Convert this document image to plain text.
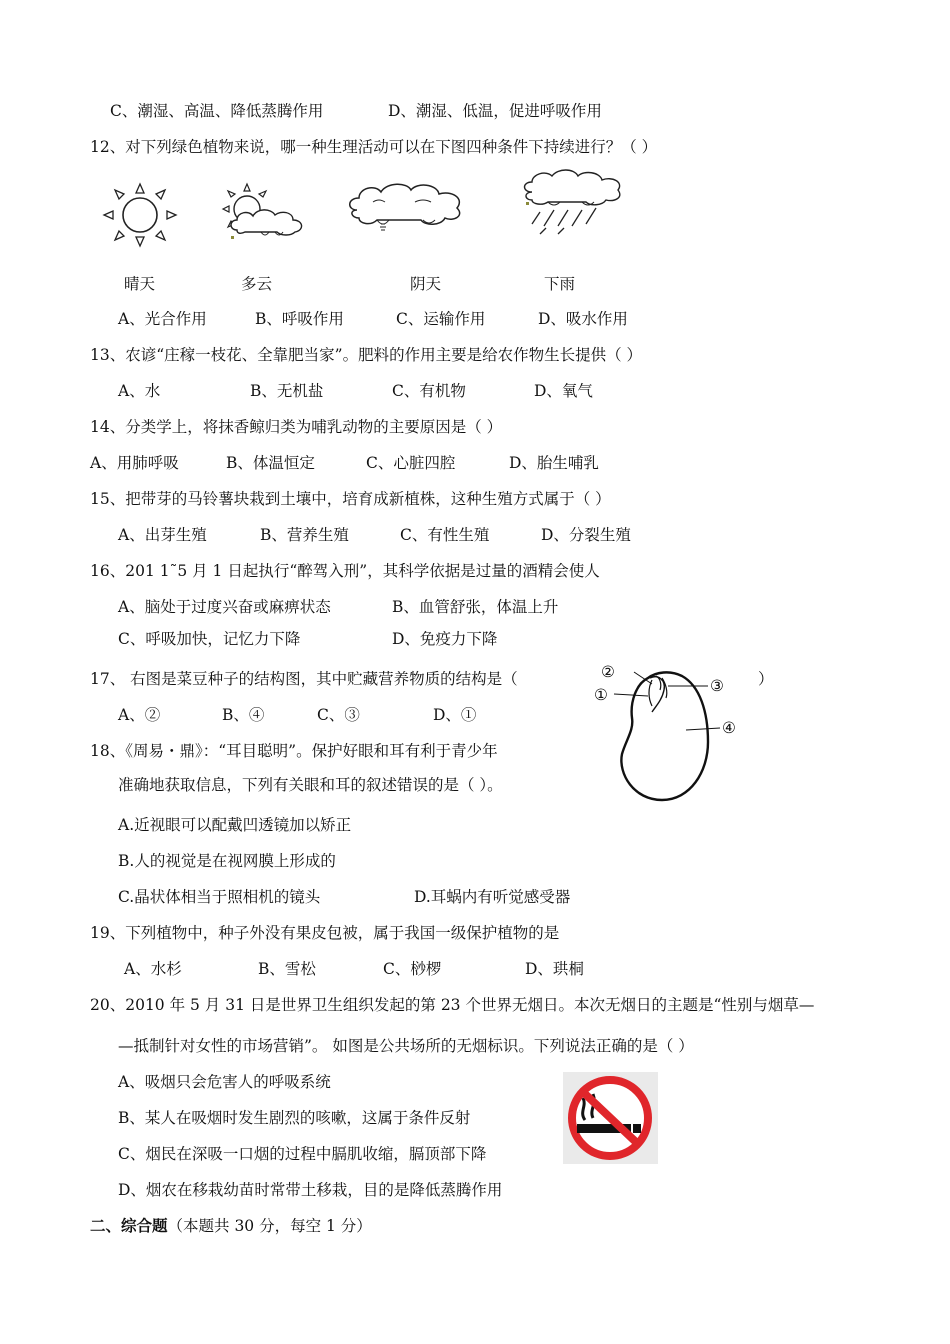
C、潮湿、高温、降低蒸腾作用	D、潮湿、低温，促进呼吸作用
12、对下列绿色植物来说，哪一种生理活动可以在下图四种条件下持续进行？（ ）
晴天	多云	阴天	下雨
A、光合作用	B、呼吸作用	C、运输作用	D、吸水作用
13、农谚“庄稼一枝花、全靠肥当家”。肥料的作用主要是给农作物生长提供（ ）
A、水	B、无机盐	C、有机物	D、氧气
14、分类学上，将抹香鲸归类为哺乳动物的主要原因是（ ）
A、用肺呼吸	B、体温恒定	C、心脏四腔	D、胎生哺乳
15、把带芽的马铃薯块栽到土壤中，培育成新植株，这种生殖方式属于（ ）
A、出芽生殖	B、营养生殖	C、有性生殖	D、分裂生殖
16、201 1˜5 月 1 日起执行“醉驾入刑”，其科学依据是过量的酒精会使人
A、脑处于过度兴奋或麻痹状态	B、血管舒张，体温上升
C、呼吸加快，记忆力下降	D、免疫力下降
17、 右图是菜豆种子的结构图，其中贮藏营养物质的结构是（	）
A、②	B、④	C、③	D、①
②
①	③
④
18、《周易・鼎》：“耳目聪明”。保护好眼和耳有利于青少年
准确地获取信息，下列有关眼和耳的叙述错误的是（ ）。
A.近视眼可以配戴凹透镜加以矫正
B.人的视觉是在视网膜上形成的
C.晶状体相当于照相机的镜头	D.耳蜗内有听觉感受器
19、下列植物中，种子外没有果皮包被，属于我国一级保护植物的是
A、水杉	B、雪松	C、桫椤	D、珙桐
20、2010 年 5 月 31 日是世界卫生组织发起的第 23 个世界无烟日。本次无烟日的主题是“性别与烟草—
—抵制针对女性的市场营销”。 如图是公共场所的无烟标识。下列说法正确的是（ ）
A、吸烟只会危害人的呼吸系统
B、某人在吸烟时发生剧烈的咳嗽，这属于条件反射
C、烟民在深吸一口烟的过程中膈肌收缩，膈顶部下降
D、烟农在移栽幼苗时常带土移栽，目的是降低蒸腾作用
二、综合题（本题共 30 分，每空 1 分）
